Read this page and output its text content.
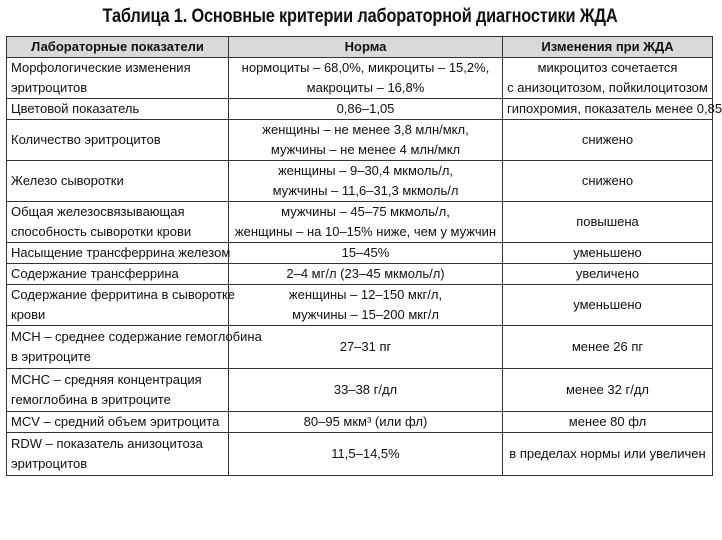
Таблица 1. Основные критерии лабораторной диагностики ЖДА
Лабораторные показатели	Норма	Изменения при ЖДА

Морфологические изменения
эритроцитов	нормоциты – 68,0%, микроциты – 15,2%,
макроциты – 16,8%	микроцитоз сочетается
с анизоцитозом, пойкилоцитозом

Цветовой показатель	0,86–1,05	гипохромия, показатель менее 0,85

Количество эритроцитов	женщины – не менее 3,8 млн/мкл,
мужчины – не менее 4 млн/мкл	снижено

Железо сыворотки	женщины – 9–30,4 мкмоль/л,
мужчины – 11,6–31,3 мкмоль/л	снижено

Общая железосвязывающая
способность сыворотки крови	мужчины – 45–75 мкмоль/л,
женщины – на 10–15% ниже, чем у мужчин	повышена

Насыщение трансферрина железом	15–45%	уменьшено

Содержание трансферрина	2–4 мг/л (23–45 мкмоль/л)	увеличено

Содержание ферритина в сыворотке
крови	женщины – 12–150 мкг/л,
мужчины – 15–200 мкг/л	уменьшено

MCH – среднее содержание гемоглобина
в эритроците	27–31 пг	менее 26 пг

MCHC – средняя концентрация
гемоглобина в эритроците	33–38 г/дл	менее 32 г/дл

MCV – средний объем эритроцита	80–95 мкм³ (или фл)	менее 80 фл

RDW – показатель анизоцитоза
эритроцитов	11,5–14,5%	в пределах нормы или увеличен
